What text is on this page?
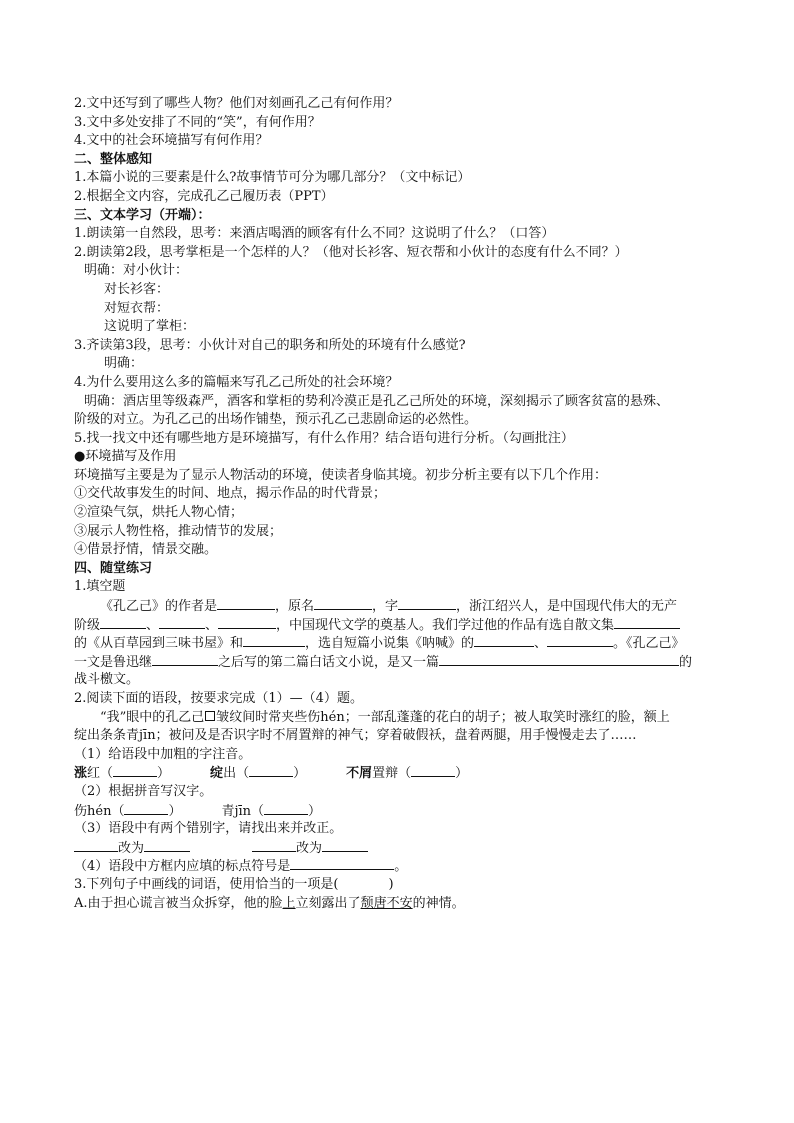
2.文中还写到了哪些人物？他们对刻画孔乙己有何作用？

3.文中多处安排了不同的“笑”，有何作用？

4.文中的社会环境描写有何作用？

二、整体感知

1.本篇小说的三要素是什么?故事情节可分为哪几部分？（文中标记）

2.根据全文内容，完成孔乙己履历表（PPT）

三、文本学习（开端）：

1.朗读第一自然段，思考：来酒店喝酒的顾客有什么不同？这说明了什么？（口答）

2.朗读第2段，思考掌柜是一个怎样的人？（他对长衫客、短衣帮和小伙计的态度有什么不同？）

明确：对小伙计：

对长衫客：

对短衣帮：

这说明了掌柜：

3.齐读第3段，思考：小伙计对自己的职务和所处的环境有什么感觉?

明确：

4.为什么要用这么多的篇幅来写孔乙己所处的社会环境？

明确：酒店里等级森严，酒客和掌柜的势利冷漠正是孔乙己所处的环境，深刻揭示了顾客贫富的悬殊、

阶级的对立。为孔乙己的出场作铺垫，预示孔乙己悲剧命运的必然性。

5.找一找文中还有哪些地方是环境描写，有什么作用？结合语句进行分析。（勾画批注）

●环境描写及作用

环境描写主要是为了显示人物活动的环境，使读者身临其境。初步分析主要有以下几个作用：

①交代故事发生的时间、地点，揭示作品的时代背景；

②渲染气氛，烘托人物心情；

③展示人物性格，推动情节的发展；

④借景抒情，情景交融。

四、随堂练习

1.填空题

《孔乙己》的作者是	，原名	，字	，浙江绍兴人，是中国现代伟大的无产

阶级	、	、	，中国现代文学的奠基人。我们学过他的作品有选自散文集

的《从百草园到三味书屋》和	，选自短篇小说集《呐喊》的	、	。《孔乙己》

一文是鲁迅继	之后写的第二篇白话文小说，是又一篇	的

战斗檄文。

2.阅读下面的语段，按要求完成（1）—（4）题。

“我”眼中的孔乙己 皱纹间时常夹些伤hén；一部乱蓬蓬的花白的胡子；被人取笑时涨红的脸，额上

绽出条条青jīn；被问及是否识字时不屑置辩的神气；穿着破假袄，盘着两腿，用手慢慢走去了……

（1）给语段中加粗的字注音。

涨红（	）	绽出（	）	不屑置辩（	）

（2）根据拼音写汉字。

伤hén（	）	青jīn（	）

（3）语段中有两个错别字，请找出来并改正。

改为	改为

（4）语段中方框内应填的标点符号是	。

3.下列句子中画线的词语，使用恰当的一项是(	)

A.由于担心谎言被当众拆穿，他的脸上立刻露出了颓唐不安的神情。
